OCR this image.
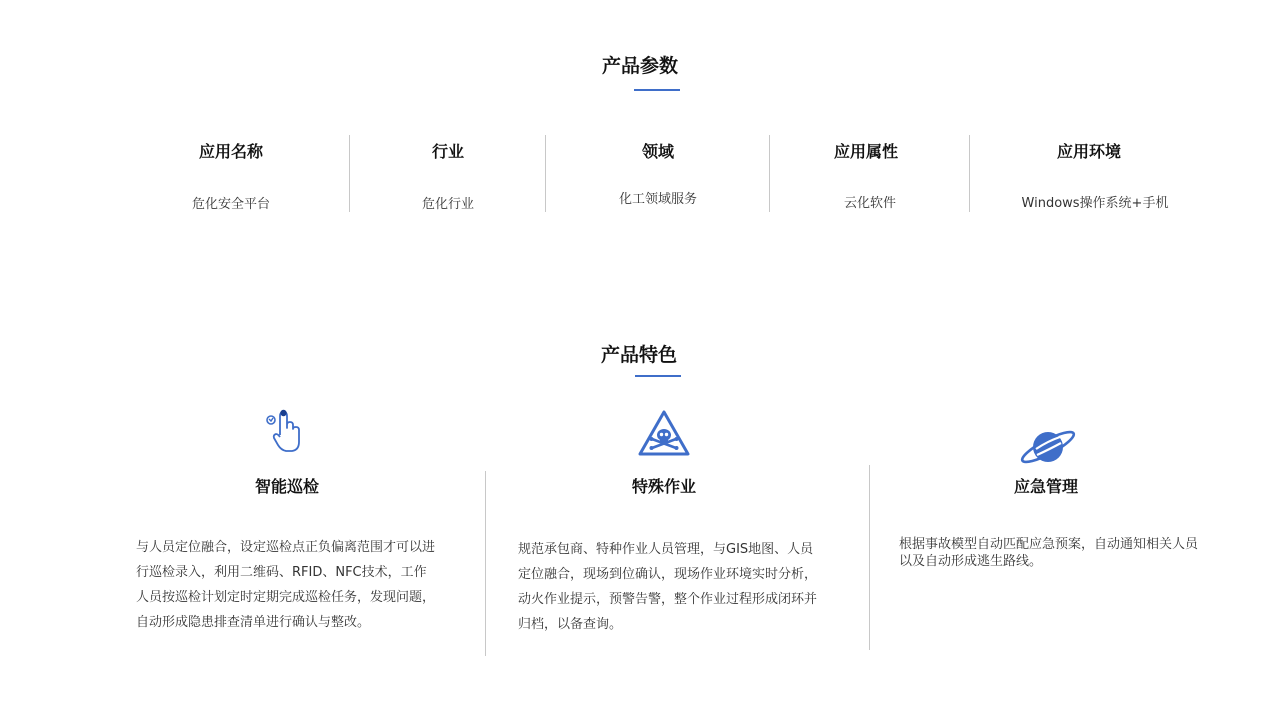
产品参数
应用名称
危化安全平台
行业
危化行业
领域
化工领域服务
应用属性
云化软件
应用环境
Windows操作系统+手机
产品特色
智能巡检
与人员定位融合，设定巡检点正负偏离范围才可以进
行巡检录入，利用二维码、RFID、NFC技术，工作
人员按巡检计划定时定期完成巡检任务，发现问题，
自动形成隐患排查清单进行确认与整改。
特殊作业
规范承包商、特种作业人员管理，与GIS地图、人员
定位融合，现场到位确认，现场作业环境实时分析，
动火作业提示，预警告警，整个作业过程形成闭环并
归档，以备查询。
应急管理
根据事故模型自动匹配应急预案，自动通知相关人员
以及自动形成逃生路线。
